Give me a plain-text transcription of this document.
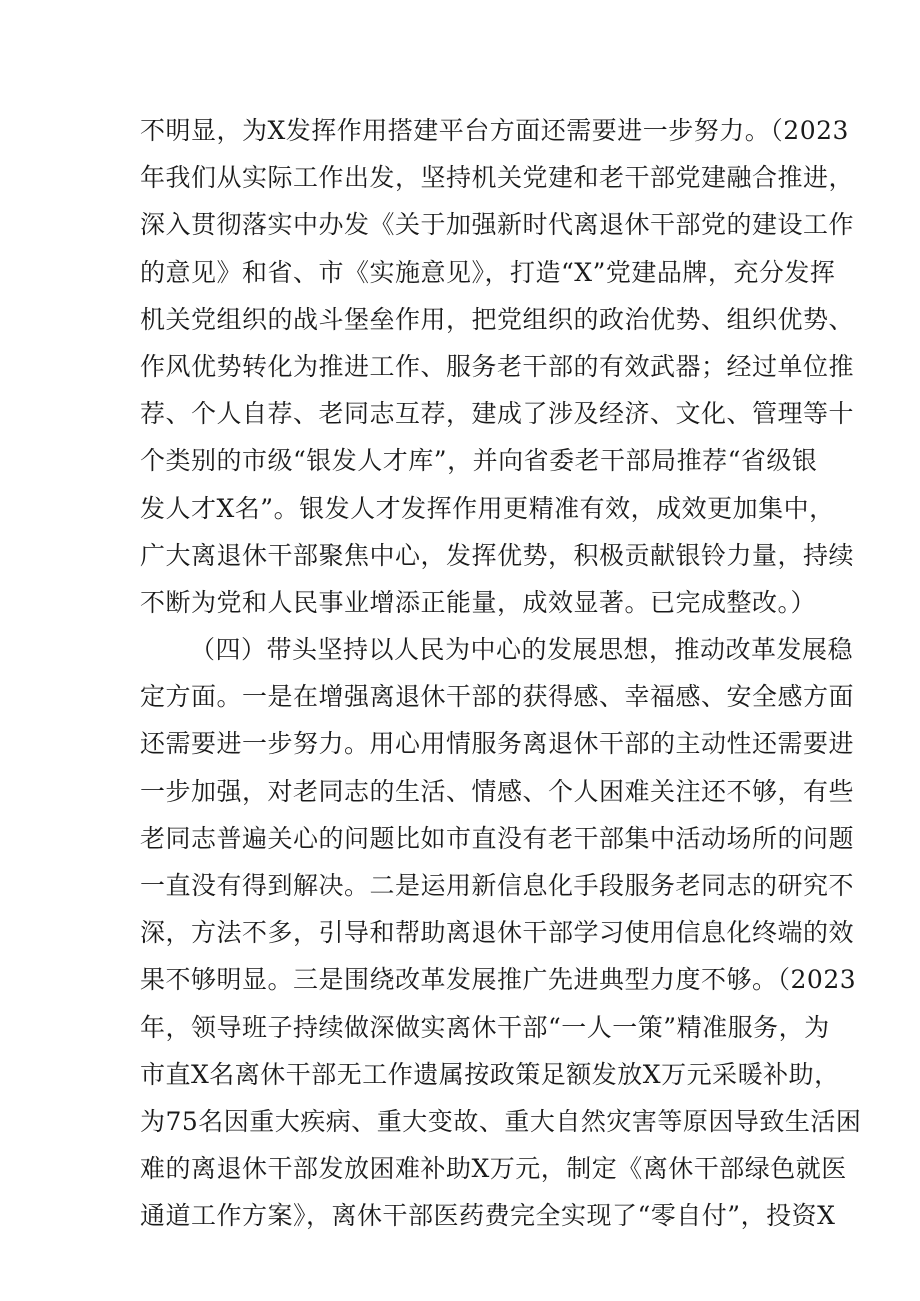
不明显，为X发挥作用搭建平台方面还需要进一步努力。（2023
年我们从实际工作出发，坚持机关党建和老干部党建融合推进，
深入贯彻落实中办发《关于加强新时代离退休干部党的建设工作
的意见》和省、市《实施意见》，打造“X”党建品牌，充分发挥
机关党组织的战斗堡垒作用，把党组织的政治优势、组织优势、
作风优势转化为推进工作、服务老干部的有效武器；经过单位推
荐、个人自荐、老同志互荐，建成了涉及经济、文化、管理等十
个类别的市级“银发人才库”，并向省委老干部局推荐“省级银
发人才X名”。银发人才发挥作用更精准有效，成效更加集中，
广大离退休干部聚焦中心，发挥优势，积极贡献银铃力量，持续
不断为党和人民事业增添正能量，成效显著。已完成整改。）
（四）带头坚持以人民为中心的发展思想，推动改革发展稳
定方面。一是在增强离退休干部的获得感、幸福感、安全感方面
还需要进一步努力。用心用情服务离退休干部的主动性还需要进
一步加强，对老同志的生活、情感、个人困难关注还不够，有些
老同志普遍关心的问题比如市直没有老干部集中活动场所的问题
一直没有得到解决。二是运用新信息化手段服务老同志的研究不
深，方法不多，引导和帮助离退休干部学习使用信息化终端的效
果不够明显。三是围绕改革发展推广先进典型力度不够。（2023
年，领导班子持续做深做实离休干部“一人一策”精准服务，为
市直X名离休干部无工作遗属按政策足额发放X万元采暖补助，
为75名因重大疾病、重大变故、重大自然灾害等原因导致生活困
难的离退休干部发放困难补助X万元，制定《离休干部绿色就医
通道工作方案》，离休干部医药费完全实现了“零自付”，投资X
